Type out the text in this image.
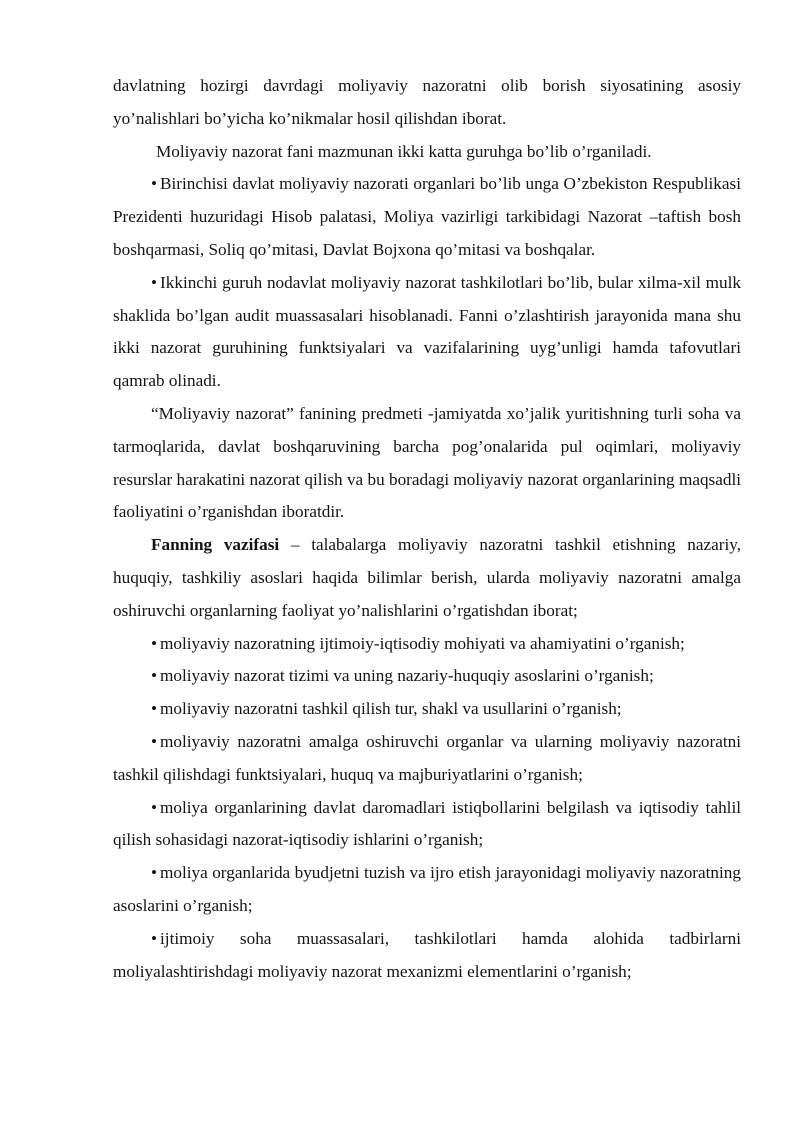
davlatning hozirgi davrdagi moliyaviy nazoratni olib borish siyosatining asosiy yo’nalishlari bo’yicha ko’nikmalar hosil qilishdan iborat.

Moliyaviy nazorat fani mazmunan ikki katta guruhga bo’lib o’rganiladi.

• Birinchisi davlat moliyaviy nazorati organlari bo’lib unga O’zbekiston Respublikasi Prezidenti huzuridagi Hisob palatasi, Moliya vazirligi tarkibidagi Nazorat –taftish bosh boshqarmasi, Soliq qo’mitasi, Davlat Bojxona qo’mitasi va boshqalar.

• Ikkinchi guruh nodavlat moliyaviy nazorat tashkilotlari bo’lib, bular xilma-xil mulk shaklida bo’lgan audit muassasalari hisoblanadi. Fanni o’zlashtirish jarayonida mana shu ikki nazorat guruhining funktsiyalari va vazifalarining uyg’unligi hamda tafovutlari qamrab olinadi.

“Moliyaviy nazorat” fanining predmeti -jamiyatda xo’jalik yuritishning turli soha va tarmoqlarida, davlat boshqaruvining barcha pog’onalarida pul oqimlari, moliyaviy resurslar harakatini nazorat qilish va bu boradagi moliyaviy nazorat organlarining maqsadli faoliyatini o’rganishdan iboratdir.

Fanning vazifasi – talabalarga moliyaviy nazoratni tashkil etishning nazariy, huquqiy, tashkiliy asoslari haqida bilimlar berish, ularda moliyaviy nazoratni amalga oshiruvchi organlarning faoliyat yo’nalishlarini o’rgatishdan iborat;

• moliyaviy nazoratning ijtimoiy-iqtisodiy mohiyati va ahamiyatini o’rganish;

• moliyaviy nazorat tizimi va uning nazariy-huquqiy asoslarini o’rganish;

• moliyaviy nazoratni tashkil qilish tur, shakl va usullarini o’rganish;

• moliyaviy nazoratni amalga oshiruvchi organlar va ularning moliyaviy nazoratni tashkil qilishdagi funktsiyalari, huquq va majburiyatlarini o’rganish;

• moliya organlarining davlat daromadlari istiqbollarini belgilash va iqtisodiy tahlil qilish sohasidagi nazorat-iqtisodiy ishlarini o’rganish;

• moliya organlarida byudjetni tuzish va ijro etish jarayonidagi moliyaviy nazoratning asoslarini o’rganish;

• ijtimoiy soha muassasalari, tashkilotlari hamda alohida tadbirlarni moliyalashtirishdagi moliyaviy nazorat mexanizmi elementlarini o’rganish;
